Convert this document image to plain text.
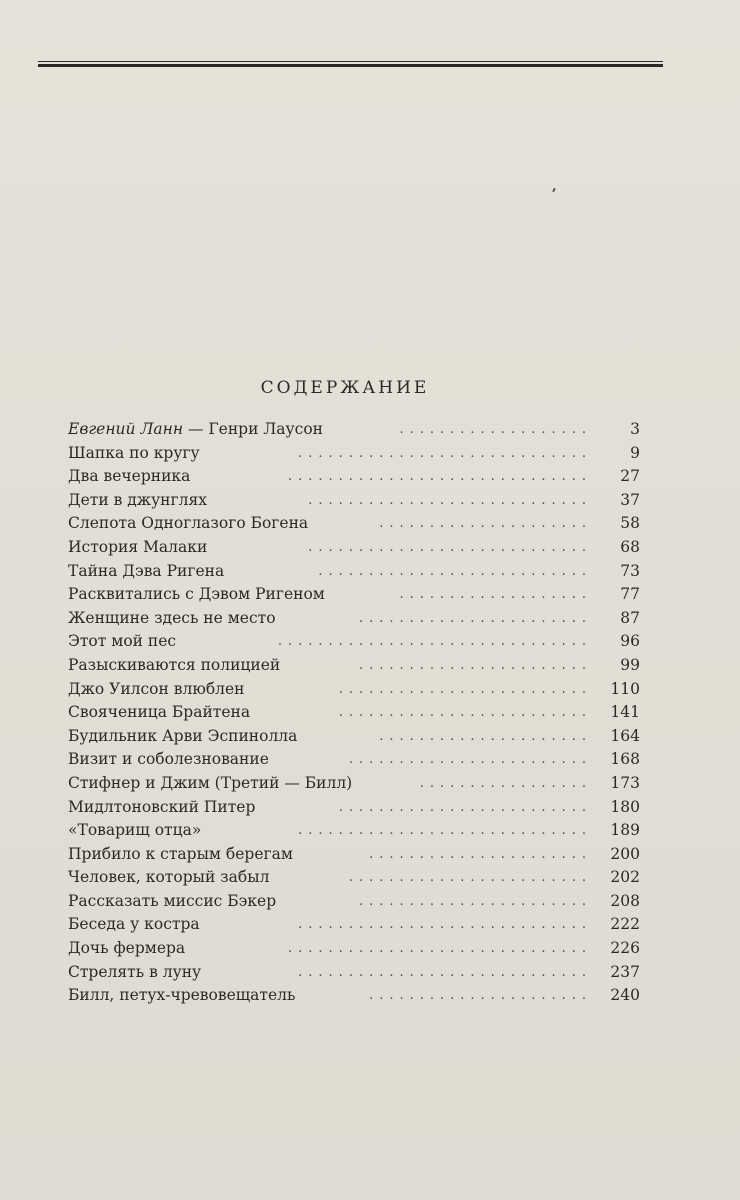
СОДЕРЖАНИЕ
Евгений Ланн — Генри Лаусон	3
...................
Шапка по кругу	9
.............................
Два вечерника	27
..............................
Дети в джунглях	37
............................
Слепота Одноглазого Богена	58
.....................
История Малаки	68
............................
Тайна Дэва Ригена	73
...........................
Расквитались с Дэвом Ригеном	77
...................
Женщине здесь не место	87
.......................
Этот мой пес	96
...............................
Разыскиваются полицией	99
.......................
Джо Уилсон влюблен	110
.........................
Свояченица Брайтена	141
.........................
Будильник Арви Эспинолла	164
.....................
Визит и соболезнование	168
........................
Стифнер и Джим (Третий — Билл)	173
.................
Мидлтоновский Питер	180
.........................
«Товарищ отца»	189
.............................
Прибило к старым берегам	200
......................
Человек, который забыл	202
........................
Рассказать миссис Бэкер	208
.......................
Беседа у костра	222
.............................
Дочь фермера	226
..............................
Стрелять в луну	237
.............................
Билл, петух-чревовещатель	240
......................
